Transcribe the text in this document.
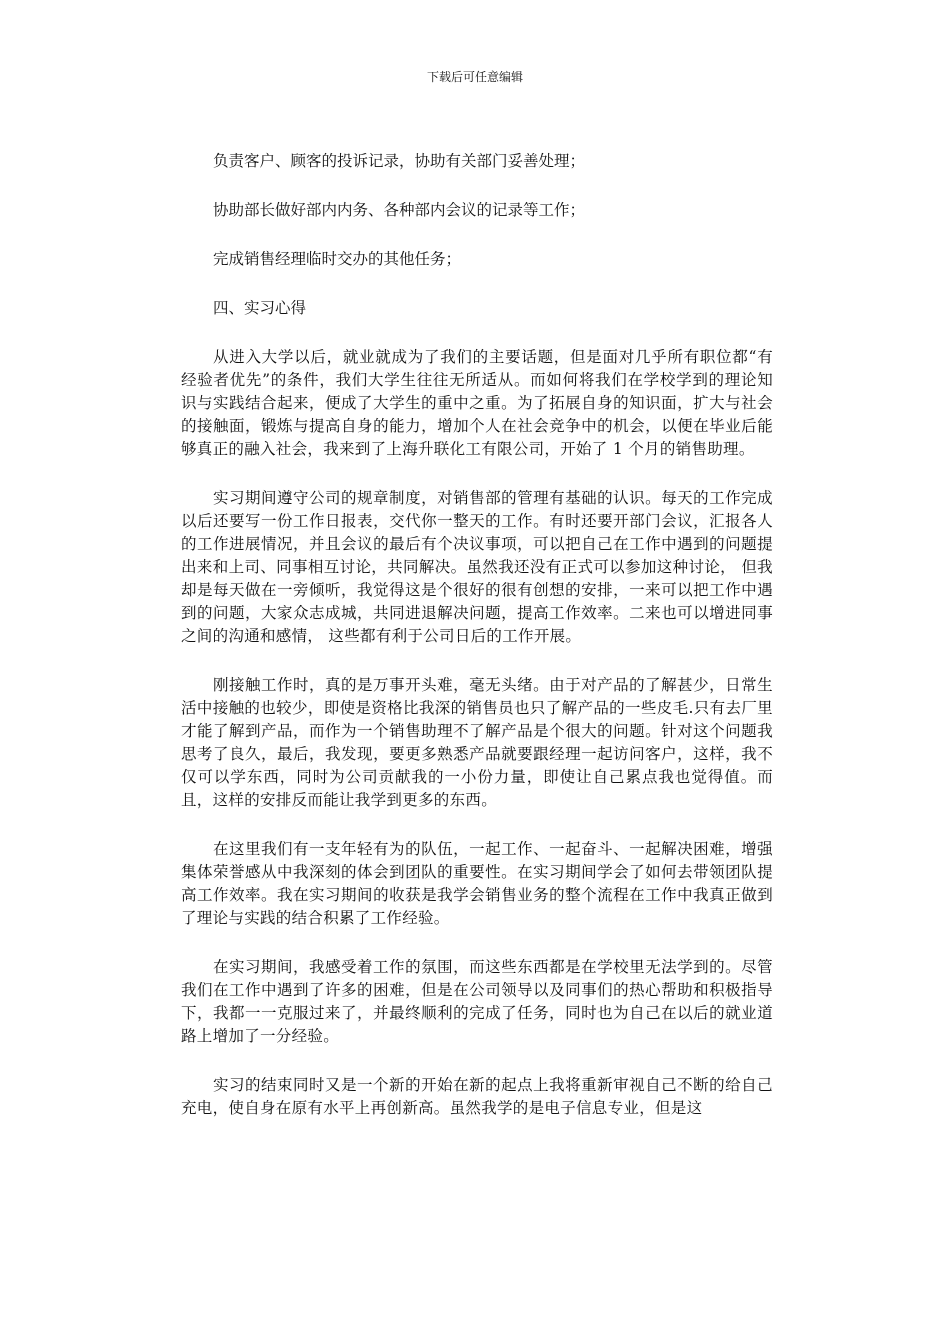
下载后可任意编辑

负责客户、顾客的投诉记录，协助有关部门妥善处理；

协助部长做好部内内务、各种部内会议的记录等工作；

完成销售经理临时交办的其他任务；

四、实习心得

从进入大学以后，就业就成为了我们的主要话题，但是面对几乎所有职位都“有经验者优先”的条件，我们大学生往往无所适从。而如何将我们在学校学到的理论知识与实践结合起来，便成了大学生的重中之重。为了拓展自身的知识面，扩大与社会的接触面，锻炼与提高自身的能力，增加个人在社会竞争中的机会，以便在毕业后能够真正的融入社会，我来到了上海升联化工有限公司，开始了 1 个月的销售助理。

实习期间遵守公司的规章制度，对销售部的管理有基础的认识。每天的工作完成以后还要写一份工作日报表，交代你一整天的工作。有时还要开部门会议，汇报各人的工作进展情况，并且会议的最后有个决议事项，可以把自己在工作中遇到的问题提出来和上司、同事相互讨论，共同解决。虽然我还没有正式可以参加这种讨论， 但我却是每天做在一旁倾听，我觉得这是个很好的很有创想的安排，一来可以把工作中遇到的问题，大家众志成城，共同进退解决问题，提高工作效率。二来也可以增进同事之间的沟通和感情， 这些都有利于公司日后的工作开展。

刚接触工作时，真的是万事开头难，毫无头绪。由于对产品的了解甚少，日常生活中接触的也较少，即使是资格比我深的销售员也只了解产品的一些皮毛.只有去厂里才能了解到产品，而作为一个销售助理不了解产品是个很大的问题。针对这个问题我思考了良久，最后，我发现，要更多熟悉产品就要跟经理一起访问客户，这样，我不仅可以学东西，同时为公司贡献我的一小份力量，即使让自己累点我也觉得值。而且，这样的安排反而能让我学到更多的东西。

在这里我们有一支年轻有为的队伍，一起工作、一起奋斗、一起解决困难，增强集体荣誉感从中我深刻的体会到团队的重要性。在实习期间学会了如何去带领团队提高工作效率。我在实习期间的收获是我学会销售业务的整个流程在工作中我真正做到了理论与实践的结合积累了工作经验。

在实习期间，我感受着工作的氛围，而这些东西都是在学校里无法学到的。尽管我们在工作中遇到了许多的困难，但是在公司领导以及同事们的热心帮助和积极指导下，我都一一克服过来了，并最终顺利的完成了任务，同时也为自己在以后的就业道路上增加了一分经验。

实习的结束同时又是一个新的开始在新的起点上我将重新审视自己不断的给自己充电，使自身在原有水平上再创新高。虽然我学的是电子信息专业，但是这
